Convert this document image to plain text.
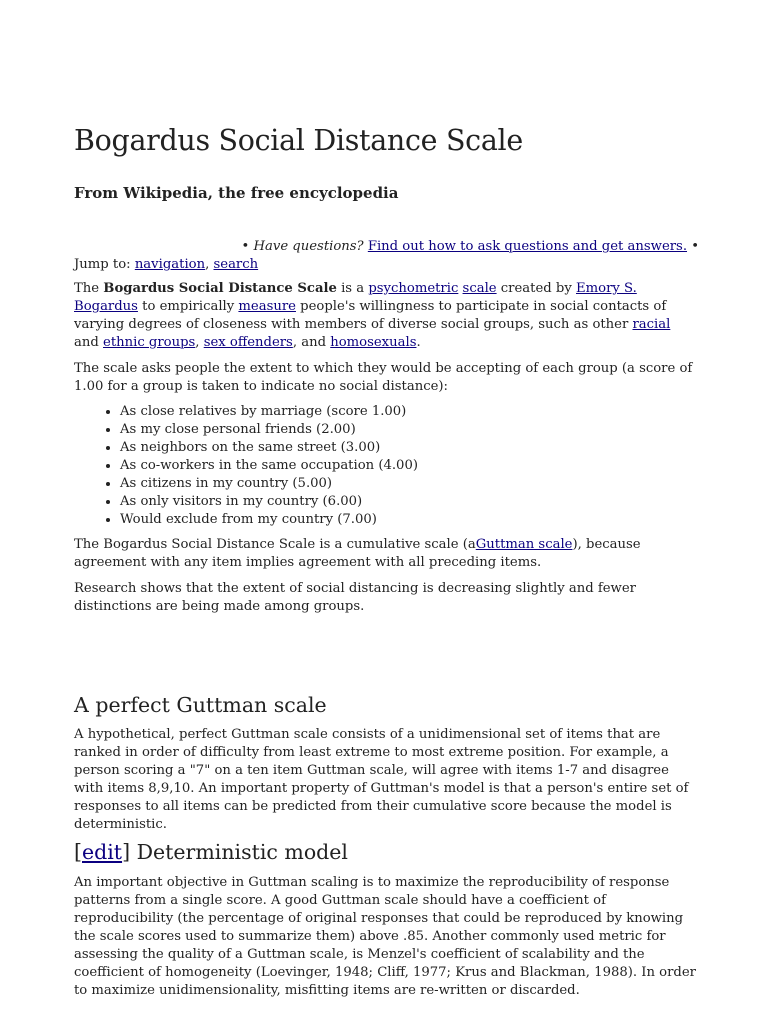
Bogardus Social Distance Scale
From Wikipedia, the free encyclopedia
• Have questions? Find out how to ask questions and get answers. •
Jump to: navigation, search

The Bogardus Social Distance Scale is a psychometric scale created by Emory S. Bogardus to empirically measure people's willingness to participate in social contacts of varying degrees of closeness with members of diverse social groups, such as other racial and ethnic groups, sex offenders, and homosexuals.

The scale asks people the extent to which they would be accepting of each group (a score of 1.00 for a group is taken to indicate no social distance):
• As close relatives by marriage (score 1.00)
• As my close personal friends (2.00)
• As neighbors on the same street (3.00)
• As co-workers in the same occupation (4.00)
• As citizens in my country (5.00)
• As only visitors in my country (6.00)
• Would exclude from my country (7.00)

The Bogardus Social Distance Scale is a cumulative scale (aGuttman scale), because agreement with any item implies agreement with all preceding items.

Research shows that the extent of social distancing is decreasing slightly and fewer distinctions are being made among groups.
A perfect Guttman scale
A hypothetical, perfect Guttman scale consists of a unidimensional set of items that are ranked in order of difficulty from least extreme to most extreme position. For example, a person scoring a "7" on a ten item Guttman scale, will agree with items 1-7 and disagree with items 8,9,10. An important property of Guttman's model is that a person's entire set of responses to all items can be predicted from their cumulative score because the model is deterministic.
[edit] Deterministic model
An important objective in Guttman scaling is to maximize the reproducibility of response patterns from a single score. A good Guttman scale should have a coefficient of reproducibility (the percentage of original responses that could be reproduced by knowing the scale scores used to summarize them) above .85. Another commonly used metric for assessing the quality of a Guttman scale, is Menzel's coefficient of scalability and the coefficient of homogeneity (Loevinger, 1948; Cliff, 1977; Krus and Blackman, 1988). In order to maximize unidimensionality, misfitting items are re-written or discarded.
